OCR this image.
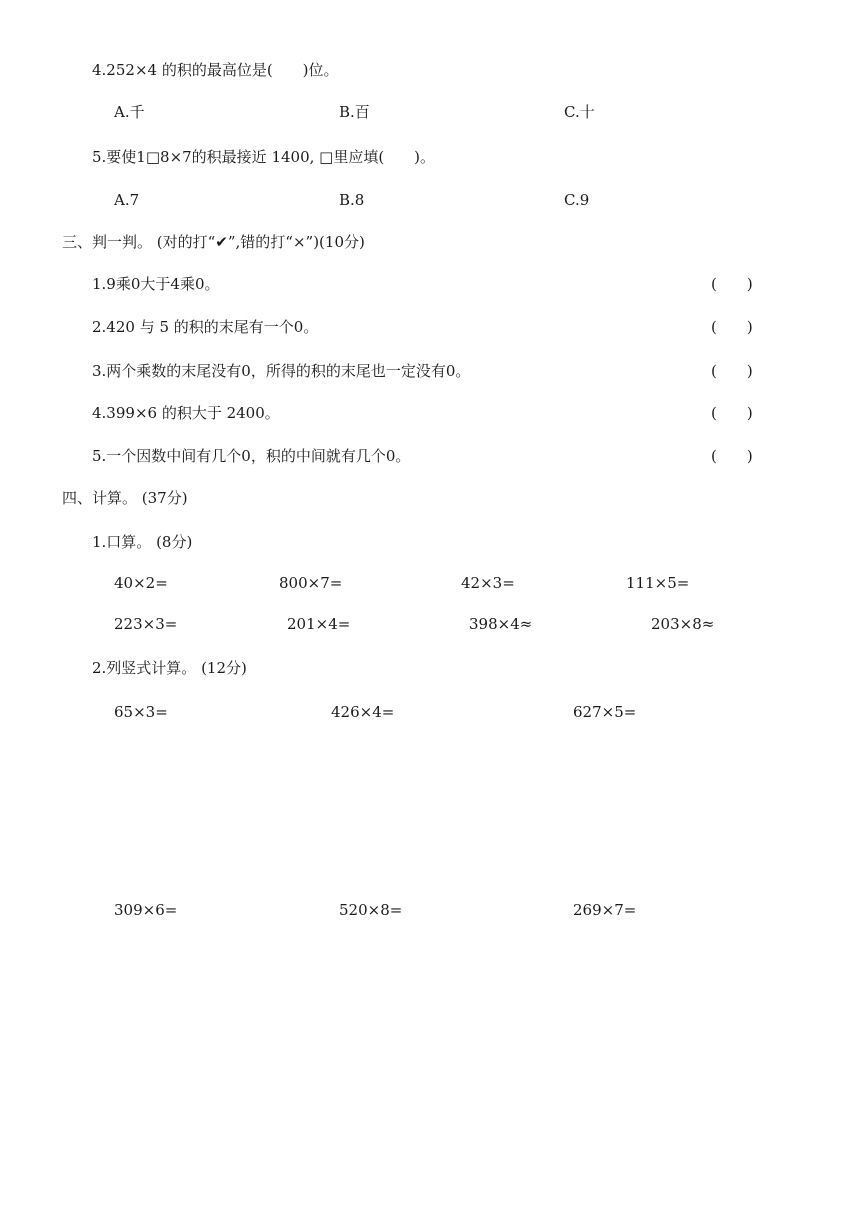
4.252×4 的积的最高位是(　　)位。
A.千	B.百	C.十
5.要使1□8×7的积最接近 1400, □里应填(　　)。
A.7	B.8	C.9
三、判一判。 (对的打“✔”,错的打“×”)(10分)
1.9乘0大于4乘0。	(　　)
2.420 与 5 的积的末尾有一个0。	(　　)
3.两个乘数的末尾没有0，所得的积的末尾也一定没有0。	(　　)
4.399×6 的积大于 2400。	(　　)
5.一个因数中间有几个0，积的中间就有几个0。	(　　)
四、计算。 (37分)
1.口算。 (8分)
40×2=	800×7=	42×3=	111×5=
223×3=	201×4=	398×4≈	203×8≈
2.列竖式计算。 (12分)
65×3=	426×4=	627×5=
309×6=	520×8=	269×7=
